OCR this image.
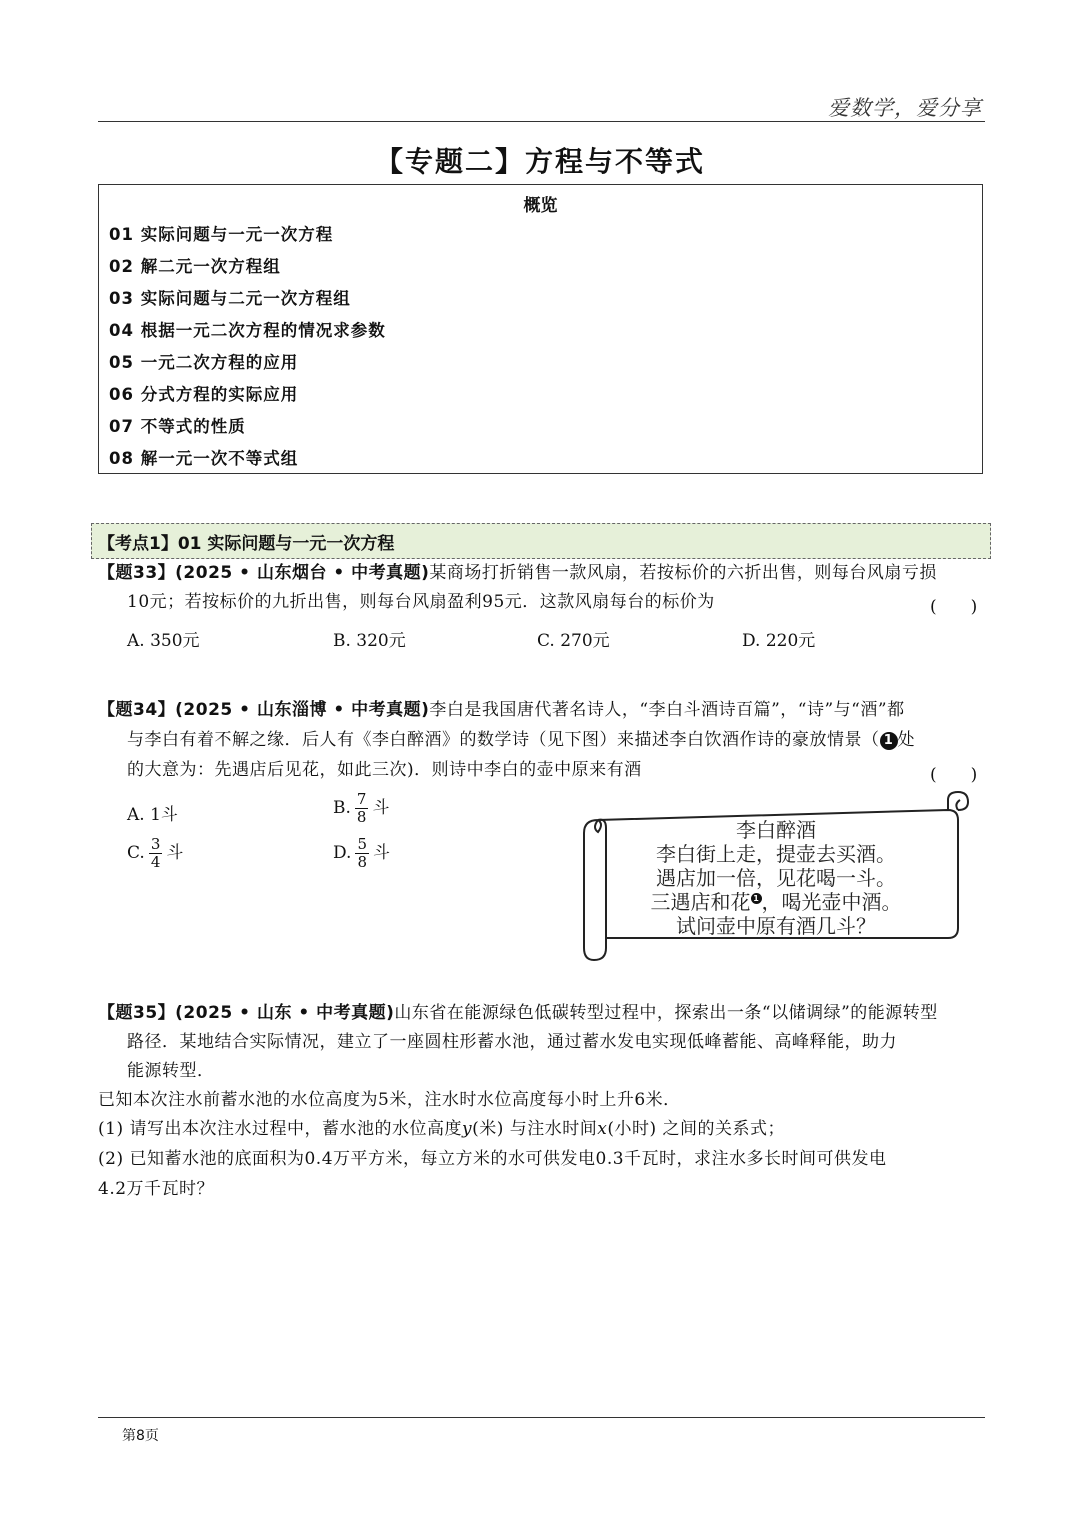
爱数学，爱分享
【专题二】方程与不等式
概览
01 实际问题与一元一次方程
02 解二元一次方程组
03 实际问题与二元一次方程组
04 根据一元二次方程的情况求参数
05 一元二次方程的应用
06 分式方程的实际应用
07 不等式的性质
08 解一元一次不等式组
【考点1】01 实际问题与一元一次方程
【题33】(2025 • 山东烟台 • 中考真题)某商场打折销售一款风扇，若按标价的六折出售，则每台风扇亏损
10元；若按标价的九折出售，则每台风扇盈利95元．这款风扇每台的标价为	(　　)
A. 350元	B. 320元	C. 270元	D. 220元
【题34】(2025 • 山东淄博 • 中考真题)李白是我国唐代著名诗人，“李白斗酒诗百篇”，“诗”与“酒”都
与李白有着不解之缘．后人有《李白醉酒》的数学诗（见下图）来描述李白饮酒作诗的豪放情景（ 1 处
的大意为：先遇店后见花，如此三次)．则诗中李白的壶中原来有酒	(　　)
A. 1斗	B. $\frac{7}{8}$ 斗
C. $\frac{3}{4}$ 斗	D. $\frac{5}{8}$ 斗
李白醉酒
李白街上走，提壶去买酒。
遇店加一倍，见花喝一斗。
三遇店和花 1 ，喝光壶中酒。
试问壶中原有酒几斗？
【题35】(2025 • 山东 • 中考真题)山东省在能源绿色低碳转型过程中，探索出一条“以储调绿”的能源转型
路径．某地结合实际情况，建立了一座圆柱形蓄水池，通过蓄水发电实现低峰蓄能、高峰释能，助力
能源转型．
已知本次注水前蓄水池的水位高度为5米，注水时水位高度每小时上升6米．
(1) 请写出本次注水过程中，蓄水池的水位高度y(米) 与注水时间x(小时) 之间的关系式；
(2) 已知蓄水池的底面积为0.4万平方米，每立方米的水可供发电0.3千瓦时，求注水多长时间可供发电
4.2万千瓦时？
第8页
